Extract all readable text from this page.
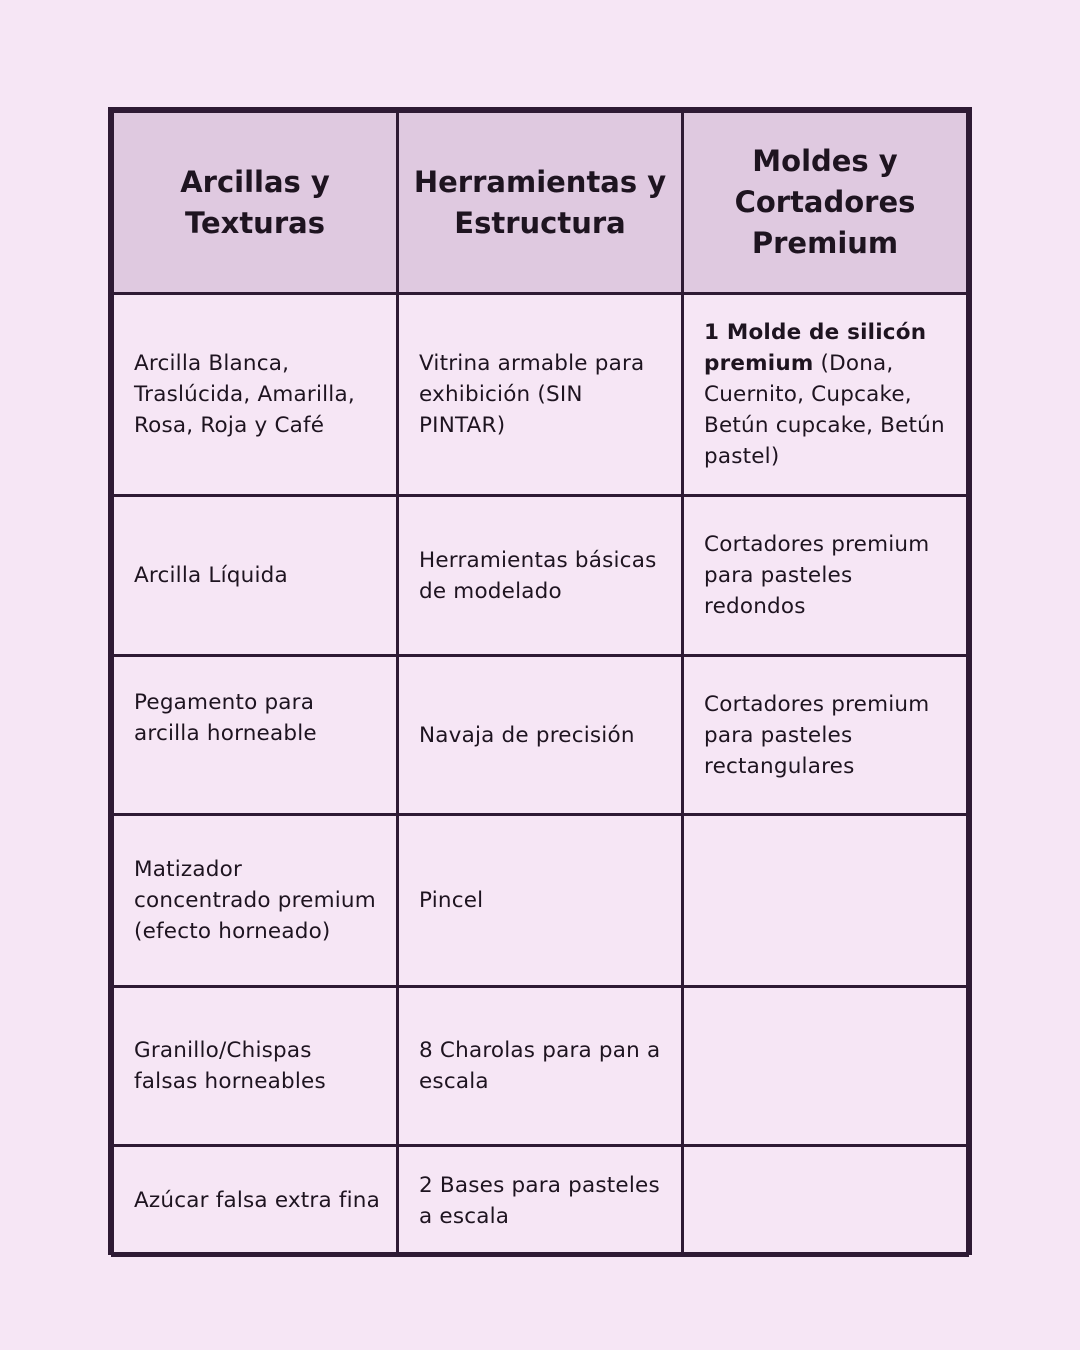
Arcillas y Texturas	Herramientas y Estructura	Moldes y Cortadores Premium
Arcilla Blanca, Traslúcida, Amarilla, Rosa, Roja y Café	Vitrina armable para exhibición (SIN PINTAR)	1 Molde de silicón premium (Dona, Cuernito, Cupcake, Betún cupcake, Betún pastel)
Arcilla Líquida	Herramientas básicas de modelado	Cortadores premium para pasteles redondos
Pegamento para arcilla horneable	Navaja de precisión	Cortadores premium para pasteles rectangulares
Matizador concentrado premium (efecto horneado)	Pincel	
Granillo/Chispas falsas horneables	8 Charolas para pan a escala	
Azúcar falsa extra fina	2 Bases para pasteles a escala	
